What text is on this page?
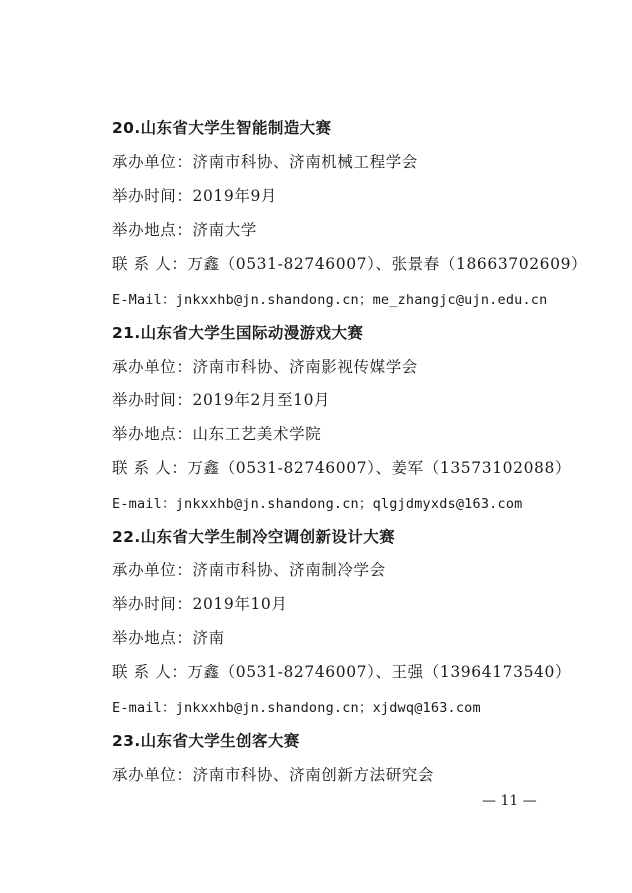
20.山东省大学生智能制造大赛
承办单位：济南市科协、济南机械工程学会
举办时间：2019年9月
举办地点：济南大学
联 系 人：万鑫（0531-82746007）、张景春（18663702609）
E-Mail：jnkxxhb@jn.shandong.cn；me_zhangjc@ujn.edu.cn
21.山东省大学生国际动漫游戏大赛
承办单位：济南市科协、济南影视传媒学会
举办时间：2019年2月至10月
举办地点：山东工艺美术学院
联 系 人：万鑫（0531-82746007）、姜军（13573102088）
E-mail：jnkxxhb@jn.shandong.cn；qlgjdmyxds@163.com
22.山东省大学生制冷空调创新设计大赛
承办单位：济南市科协、济南制冷学会
举办时间：2019年10月
举办地点：济南
联 系 人：万鑫（0531-82746007）、王强（13964173540）
E-mail：jnkxxhb@jn.shandong.cn；xjdwq@163.com
23.山东省大学生创客大赛
承办单位：济南市科协、济南创新方法研究会
— 11 —
